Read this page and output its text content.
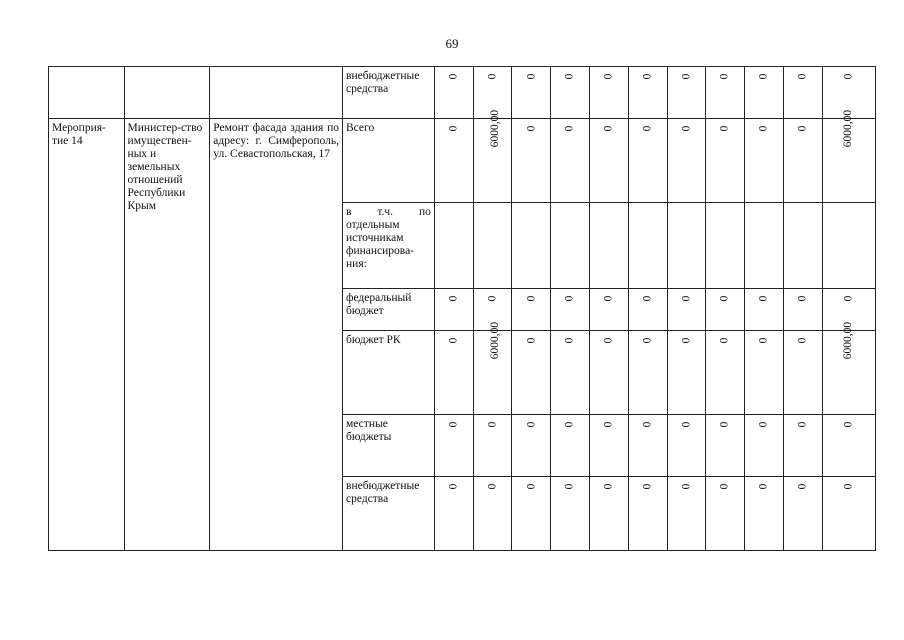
69
			внебюджетные средства	0	0	0	0	0	0	0	0	0	0	0
Мероприя-тие 14	Министер-ство имуществен-ных и земельных отношений Республики Крым	Ремонт фасада здания по адресу: г. Симферополь, ул. Севастопольская, 17	Всего	0	6000,00	0	0	0	0	0	0	0	0	6000,00
			в т.ч. по отдельным источникам финансирова-ния:											
			федеральный бюджет	0	0	0	0	0	0	0	0	0	0	0
			бюджет РК	0	6000,00	0	0	0	0	0	0	0	0	6000,00
			местные бюджеты	0	0	0	0	0	0	0	0	0	0	0
			внебюджетные средства	0	0	0	0	0	0	0	0	0	0	0
